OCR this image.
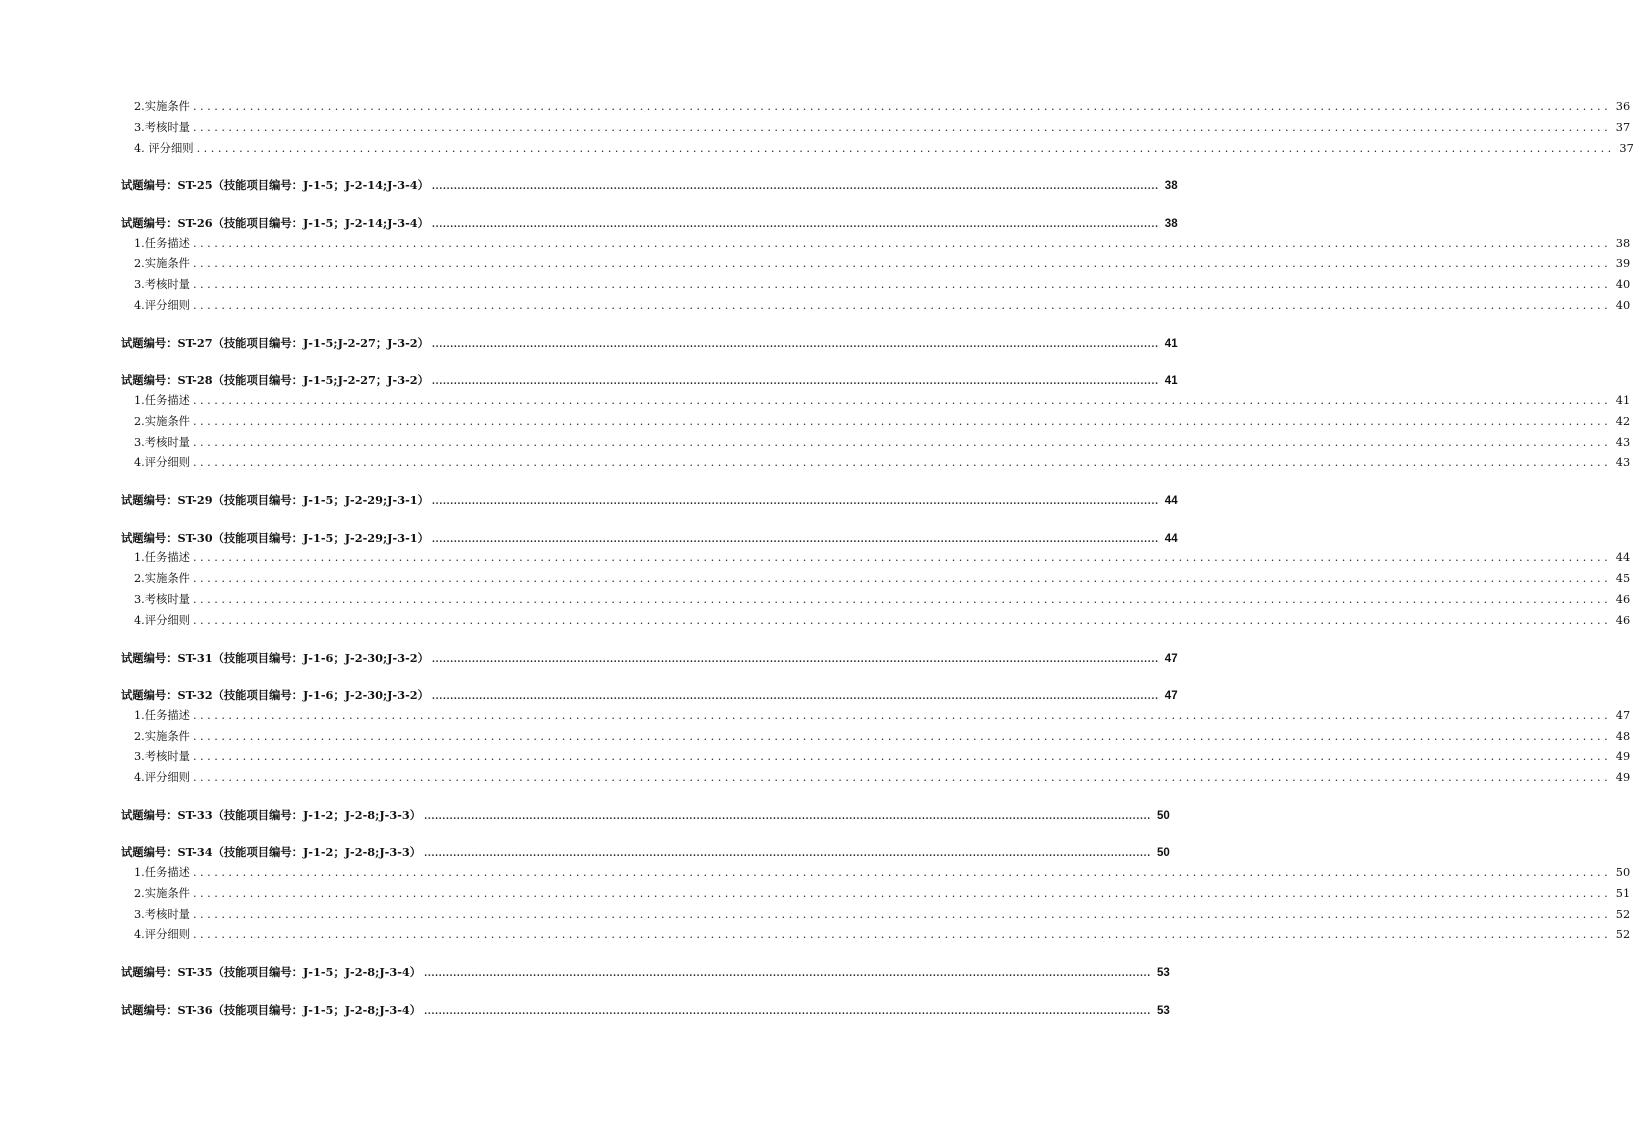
2.实施条件 ........................................................................................................................................................................................................ 36
3.考核时量 ........................................................................................................................................................................................................ 37
4. 评分细则 ........................................................................................................................................................................................................ 37
试题编号：ST-25（技能项目编号：J-1-5；J-2-14;J-3-4） ........................................................................................................................................................................................................ 38
试题编号：ST-26（技能项目编号：J-1-5；J-2-14;J-3-4） ........................................................................................................................................................................................................ 38
1.任务描述 ........................................................................................................................................................................................................ 38
2.实施条件 ........................................................................................................................................................................................................ 39
3.考核时量 ........................................................................................................................................................................................................ 40
4.评分细则 ........................................................................................................................................................................................................ 40
试题编号：ST-27（技能项目编号：J-1-5;J-2-27；J-3-2） ........................................................................................................................................................................................................ 41
试题编号：ST-28（技能项目编号：J-1-5;J-2-27；J-3-2） ........................................................................................................................................................................................................ 41
1.任务描述 ........................................................................................................................................................................................................ 41
2.实施条件 ........................................................................................................................................................................................................ 42
3.考核时量 ........................................................................................................................................................................................................ 43
4.评分细则 ........................................................................................................................................................................................................ 43
试题编号：ST-29（技能项目编号：J-1-5；J-2-29;J-3-1） ........................................................................................................................................................................................................ 44
试题编号：ST-30（技能项目编号：J-1-5；J-2-29;J-3-1） ........................................................................................................................................................................................................ 44
1.任务描述 ........................................................................................................................................................................................................ 44
2.实施条件 ........................................................................................................................................................................................................ 45
3.考核时量 ........................................................................................................................................................................................................ 46
4.评分细则 ........................................................................................................................................................................................................ 46
试题编号：ST-31（技能项目编号：J-1-6；J-2-30;J-3-2） ........................................................................................................................................................................................................ 47
试题编号：ST-32（技能项目编号：J-1-6；J-2-30;J-3-2） ........................................................................................................................................................................................................ 47
1.任务描述 ........................................................................................................................................................................................................ 47
2.实施条件 ........................................................................................................................................................................................................ 48
3.考核时量 ........................................................................................................................................................................................................ 49
4.评分细则 ........................................................................................................................................................................................................ 49
试题编号：ST-33（技能项目编号：J-1-2；J-2-8;J-3-3） ........................................................................................................................................................................................................ 50
试题编号：ST-34（技能项目编号：J-1-2；J-2-8;J-3-3） ........................................................................................................................................................................................................ 50
1.任务描述 ........................................................................................................................................................................................................ 50
2.实施条件 ........................................................................................................................................................................................................ 51
3.考核时量 ........................................................................................................................................................................................................ 52
4.评分细则 ........................................................................................................................................................................................................ 52
试题编号：ST-35（技能项目编号：J-1-5；J-2-8;J-3-4） ........................................................................................................................................................................................................ 53
试题编号：ST-36（技能项目编号：J-1-5；J-2-8;J-3-4） ........................................................................................................................................................................................................ 53
